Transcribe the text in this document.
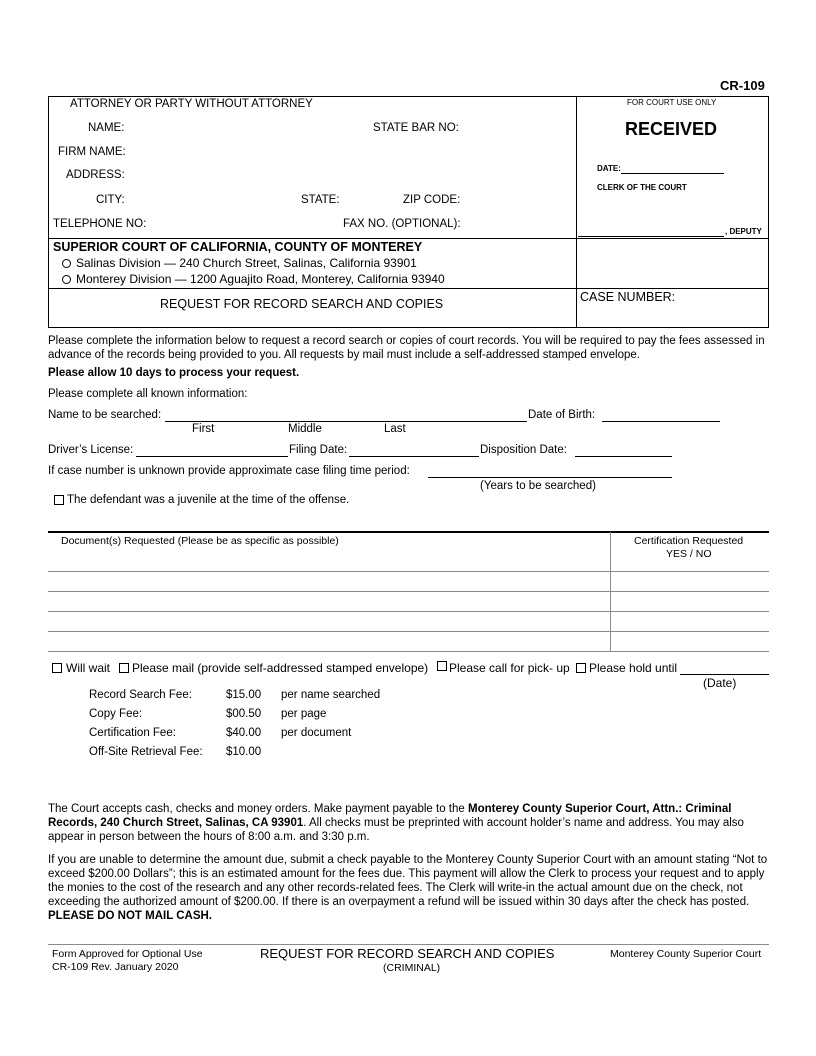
CR-109
ATTORNEY OR PARTY WITHOUT ATTORNEY
NAME:	STATE BAR NO:
FIRM NAME:
ADDRESS:
CITY:	STATE:	ZIP CODE:
TELEPHONE NO:	FAX NO. (OPTIONAL):
FOR COURT USE ONLY
RECEIVED
DATE:
CLERK OF THE COURT
, DEPUTY
SUPERIOR COURT OF CALIFORNIA, COUNTY OF MONTEREY
Salinas Division — 240 Church Street, Salinas, California 93901
Monterey Division — 1200 Aguajito Road, Monterey, California 93940
REQUEST FOR RECORD SEARCH AND COPIES	CASE NUMBER:
Please complete the information below to request a record search or copies of court records. You will be required to pay the fees assessed in advance of the records being provided to you. All requests by mail must include a self-addressed stamped envelope.
Please allow 10 days to process your request.
Please complete all known information:
Name to be searched:	Date of Birth:
First	Middle	Last
Driver’s License:	Filing Date:	Disposition Date:
If case number is unknown provide approximate case filing time period:
(Years to be searched)
The defendant was a juvenile at the time of the offense.
Document(s) Requested (Please be as specific as possible)	Certification Requested
YES / NO
Will wait Please mail (provide self-addressed stamped envelope) Please call for pick- up Please hold until
(Date)
Record Search Fee:	$15.00 per name searched
Copy Fee:	$00.50 per page
Certification Fee:	$40.00 per document
Off-Site Retrieval Fee: $10.00
The Court accepts cash, checks and money orders. Make payment payable to the Monterey County Superior Court, Attn.: Criminal Records, 240 Church Street, Salinas, CA 93901. All checks must be preprinted with account holder’s name and address. You may also appear in person between the hours of 8:00 a.m. and 3:30 p.m.
If you are unable to determine the amount due, submit a check payable to the Monterey County Superior Court with an amount stating “Not to exceed $200.00 Dollars”; this is an estimated amount for the fees due. This payment will allow the Clerk to process your request and to apply the monies to the cost of the research and any other records-related fees. The Clerk will write-in the actual amount due on the check, not exceeding the authorized amount of $200.00. If there is an overpayment a refund will be issued within 30 days after the check has posted. PLEASE DO NOT MAIL CASH.
Form Approved for Optional Use
CR-109 Rev. January 2020
REQUEST FOR RECORD SEARCH AND COPIES
(CRIMINAL)
Monterey County Superior Court
